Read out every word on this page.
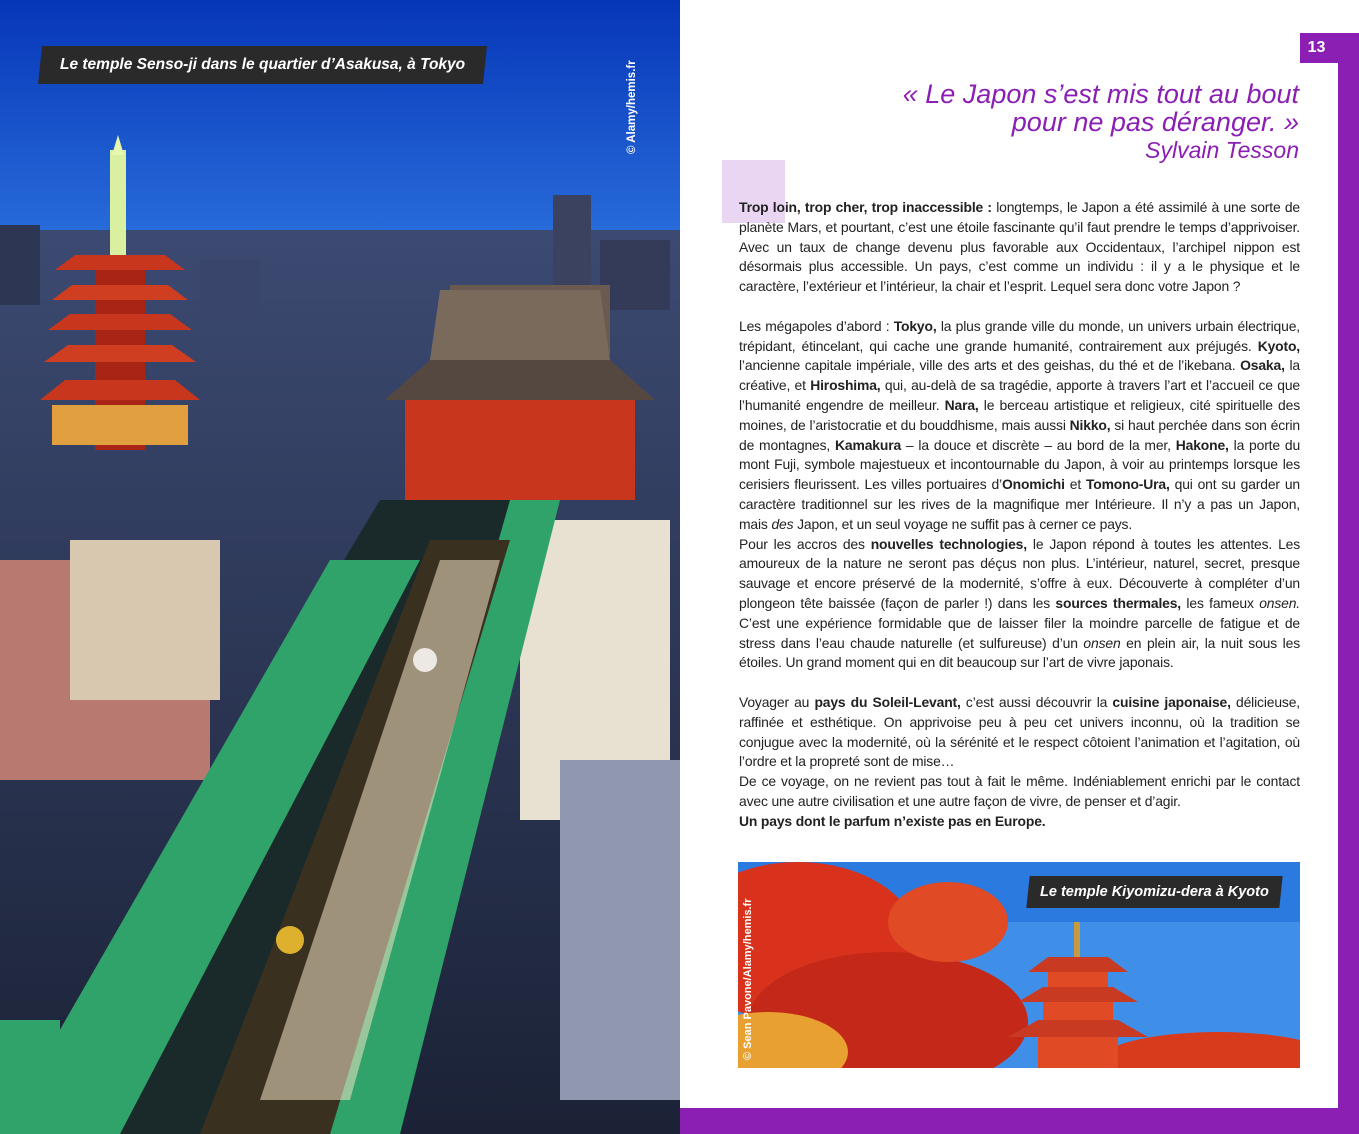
Le temple Senso-ji dans le quartier d’Asakusa, à Tokyo	© Alamy/hemis.fr
13
« Le Japon s’est mis tout au bout
pour ne pas déranger. »
Sylvain Tesson

Trop loin, trop cher, trop inaccessible : longtemps, le Japon a été assimilé à une sorte de planète Mars, et pourtant, c’est une étoile fascinante qu’il faut prendre le temps d’apprivoiser. Avec un taux de change devenu plus favorable aux Occidentaux, l’archipel nippon est désormais plus accessible. Un pays, c’est comme un individu : il y a le physique et le caractère, l’extérieur et l’intérieur, la chair et l’esprit. Lequel sera donc votre Japon ?

Les mégapoles d’abord : Tokyo, la plus grande ville du monde, un univers urbain électrique, trépidant, étincelant, qui cache une grande humanité, contrairement aux préjugés. Kyoto, l’ancienne capitale impériale, ville des arts et des geishas, du thé et de l’ikebana. Osaka, la créative, et Hiroshima, qui, au-delà de sa tragédie, apporte à travers l’art et l’accueil ce que l’humanité engendre de meilleur. Nara, le berceau artistique et religieux, cité spirituelle des moines, de l’aristocratie et du bouddhisme, mais aussi Nikko, si haut perchée dans son écrin de montagnes, Kamakura – la douce et discrète – au bord de la mer, Hakone, la porte du mont Fuji, symbole majestueux et incontournable du Japon, à voir au printemps lorsque les cerisiers fleurissent. Les villes portuaires d’Onomichi et Tomono-Ura, qui ont su garder un caractère traditionnel sur les rives de la magnifique mer Intérieure. Il n’y a pas un Japon, mais des Japon, et un seul voyage ne suffit pas à cerner ce pays.

Pour les accros des nouvelles technologies, le Japon répond à toutes les attentes. Les amoureux de la nature ne seront pas déçus non plus. L’intérieur, naturel, secret, presque sauvage et encore préservé de la modernité, s’offre à eux. Découverte à compléter d’un plongeon tête baissée (façon de parler !) dans les sources thermales, les fameux onsen. C’est une expérience formidable que de laisser filer la moindre parcelle de fatigue et de stress dans l’eau chaude naturelle (et sulfureuse) d’un onsen en plein air, la nuit sous les étoiles. Un grand moment qui en dit beaucoup sur l’art de vivre japonais.

Voyager au pays du Soleil-Levant, c’est aussi découvrir la cuisine japonaise, délicieuse, raffinée et esthétique. On apprivoise peu à peu cet univers inconnu, où la tradition se conjugue avec la modernité, où la sérénité et le respect côtoient l’animation et l’agitation, où l’ordre et la propreté sont de mise…

De ce voyage, on ne revient pas tout à fait le même. Indéniablement enrichi par le contact avec une autre civilisation et une autre façon de vivre, de penser et d’agir.
Un pays dont le parfum n’existe pas en Europe.

Le temple Kiyomizu-dera à Kyoto
© Sean Pavone/Alamy/hemis.fr
